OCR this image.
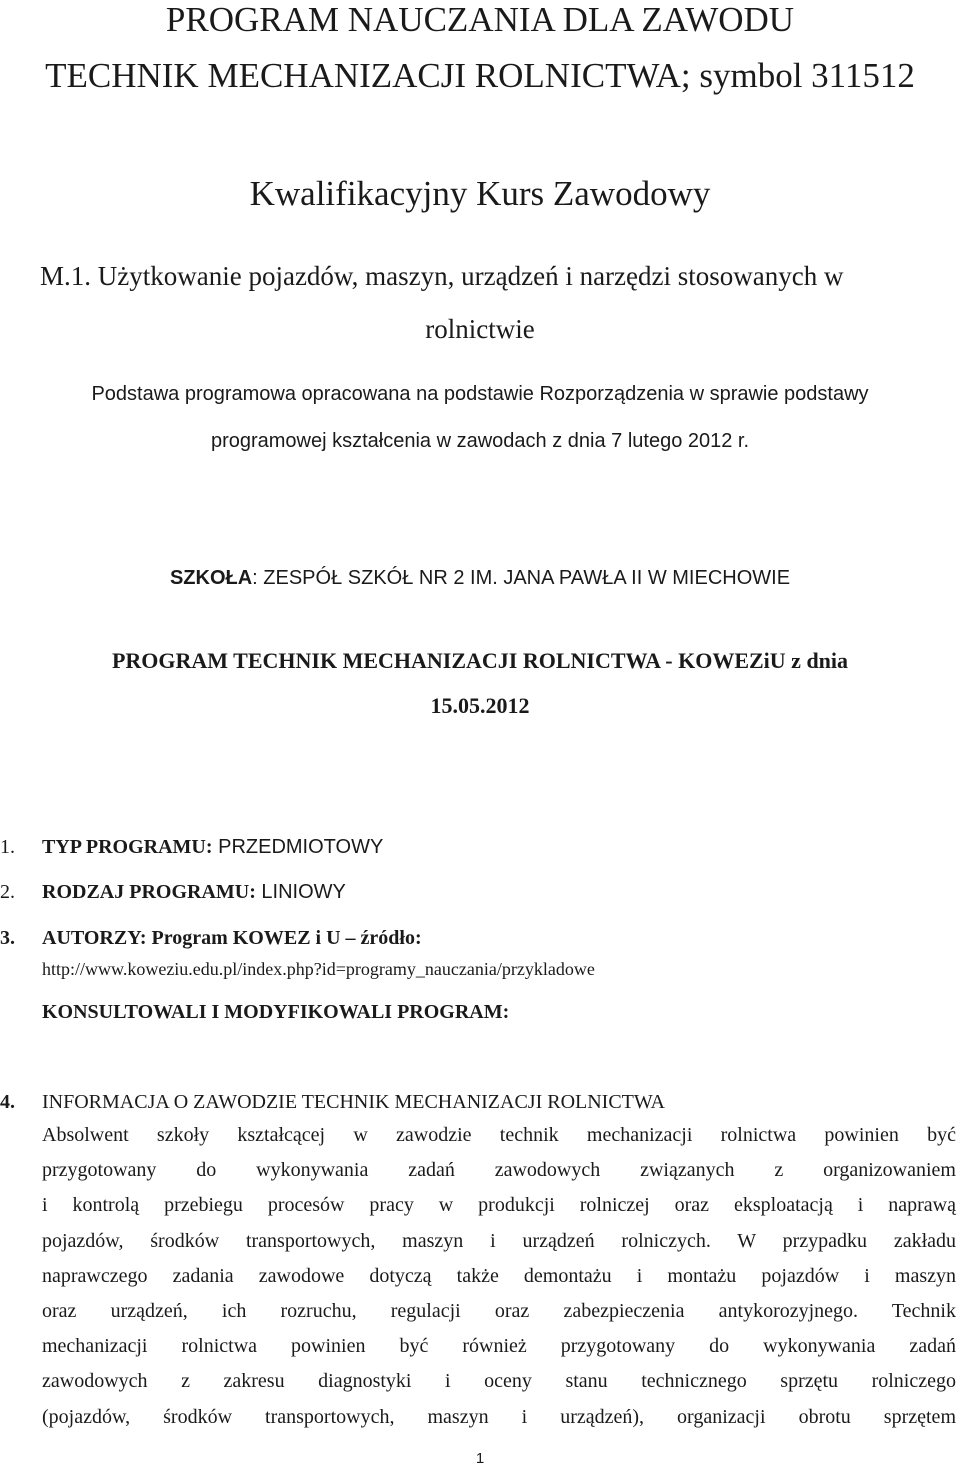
PROGRAM NAUCZANIA DLA ZAWODU
TECHNIK MECHANIZACJI ROLNICTWA; symbol 311512
Kwalifikacyjny Kurs Zawodowy
M.1. Użytkowanie pojazdów, maszyn, urządzeń i narzędzi stosowanych w
rolnictwie
Podstawa programowa opracowana na podstawie Rozporządzenia w sprawie podstawy
programowej kształcenia w zawodach z dnia 7 lutego 2012 r.
SZKOŁA: ZESPÓŁ SZKÓŁ NR 2 IM. JANA PAWŁA II W MIECHOWIE
PROGRAM TECHNIK MECHANIZACJI ROLNICTWA - KOWEZiU z dnia
15.05.2012
1. TYP PROGRAMU: PRZEDMIOTOWY
2. RODZAJ PROGRAMU: LINIOWY
3. AUTORZY: Program KOWEZ i U – źródło:
http://www.koweziu.edu.pl/index.php?id=programy_nauczania/przykladowe
KONSULTOWALI I MODYFIKOWALI PROGRAM:
4. INFORMACJA O ZAWODZIE TECHNIK MECHANIZACJI ROLNICTWA
Absolwent szkoły kształcącej w zawodzie technik mechanizacji rolnictwa powinien być
przygotowany do wykonywania zadań zawodowych związanych z organizowaniem
i kontrolą przebiegu procesów pracy w produkcji rolniczej oraz eksploatacją i naprawą
pojazdów, środków transportowych, maszyn i urządzeń rolniczych. W przypadku zakładu
naprawczego zadania zawodowe dotyczą także demontażu i montażu pojazdów i maszyn
oraz urządzeń, ich rozruchu, regulacji oraz zabezpieczenia antykorozyjnego. Technik
mechanizacji rolnictwa powinien być również przygotowany do wykonywania zadań
zawodowych z zakresu diagnostyki i oceny stanu technicznego sprzętu rolniczego
(pojazdów, środków transportowych, maszyn i urządzeń), organizacji obrotu sprzętem
1
